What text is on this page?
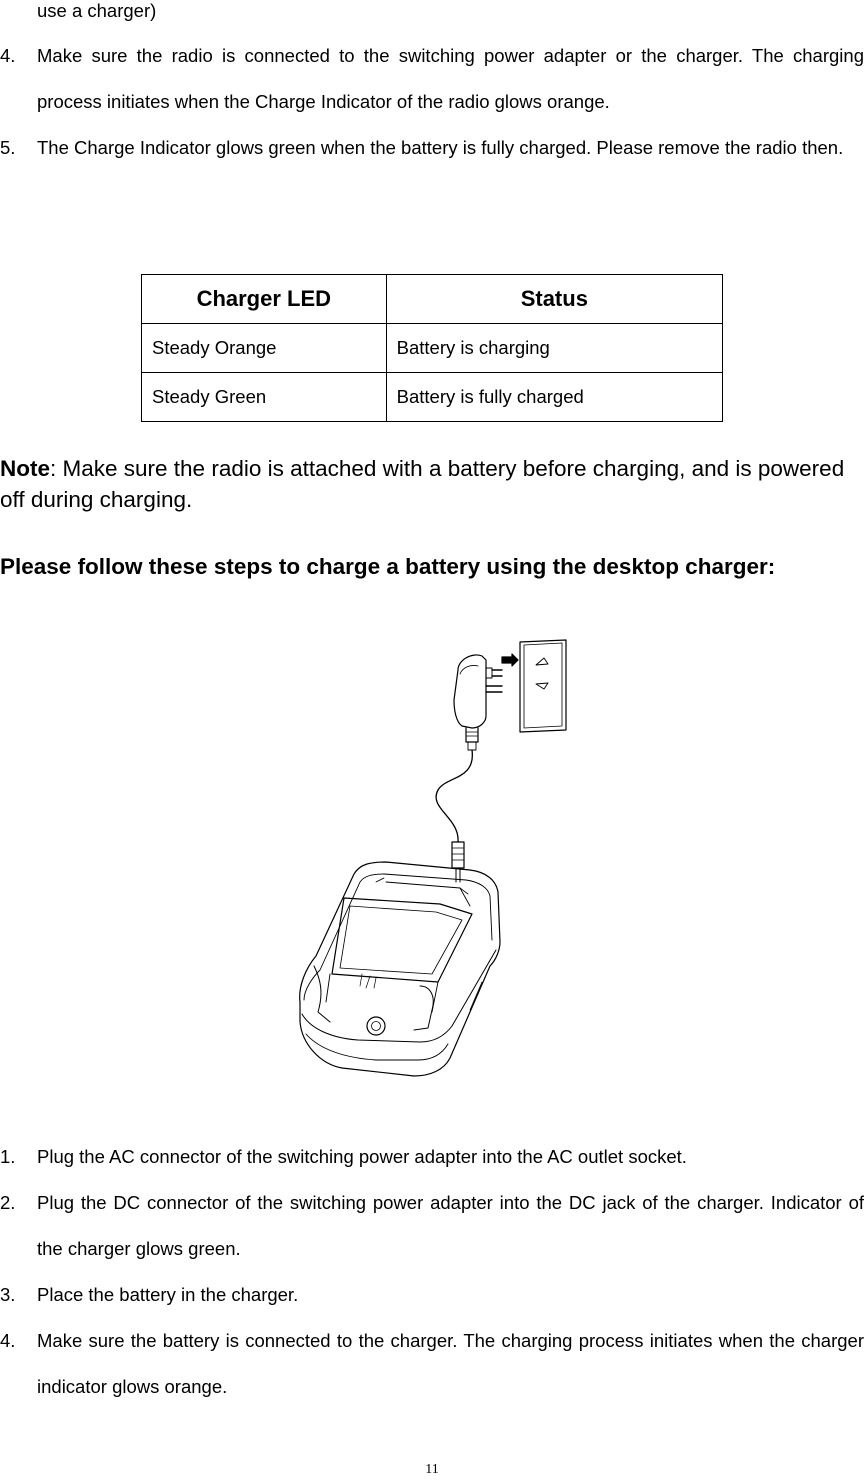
use a charger)
4. Make sure the radio is connected to the switching power adapter or the charger. The charging process initiates when the Charge Indicator of the radio glows orange.
5. The Charge Indicator glows green when the battery is fully charged. Please remove the radio then.
Charger LED	Status
Steady Orange	Battery is charging
Steady Green	Battery is fully charged
Note: Make sure the radio is attached with a battery before charging, and is powered off during charging.
Please follow these steps to charge a battery using the desktop charger:
1. Plug the AC connector of the switching power adapter into the AC outlet socket.
2. Plug the DC connector of the switching power adapter into the DC jack of the charger. Indicator of the charger glows green.
3. Place the battery in the charger.
4. Make sure the battery is connected to the charger. The charging process initiates when the charger indicator glows orange.
11
